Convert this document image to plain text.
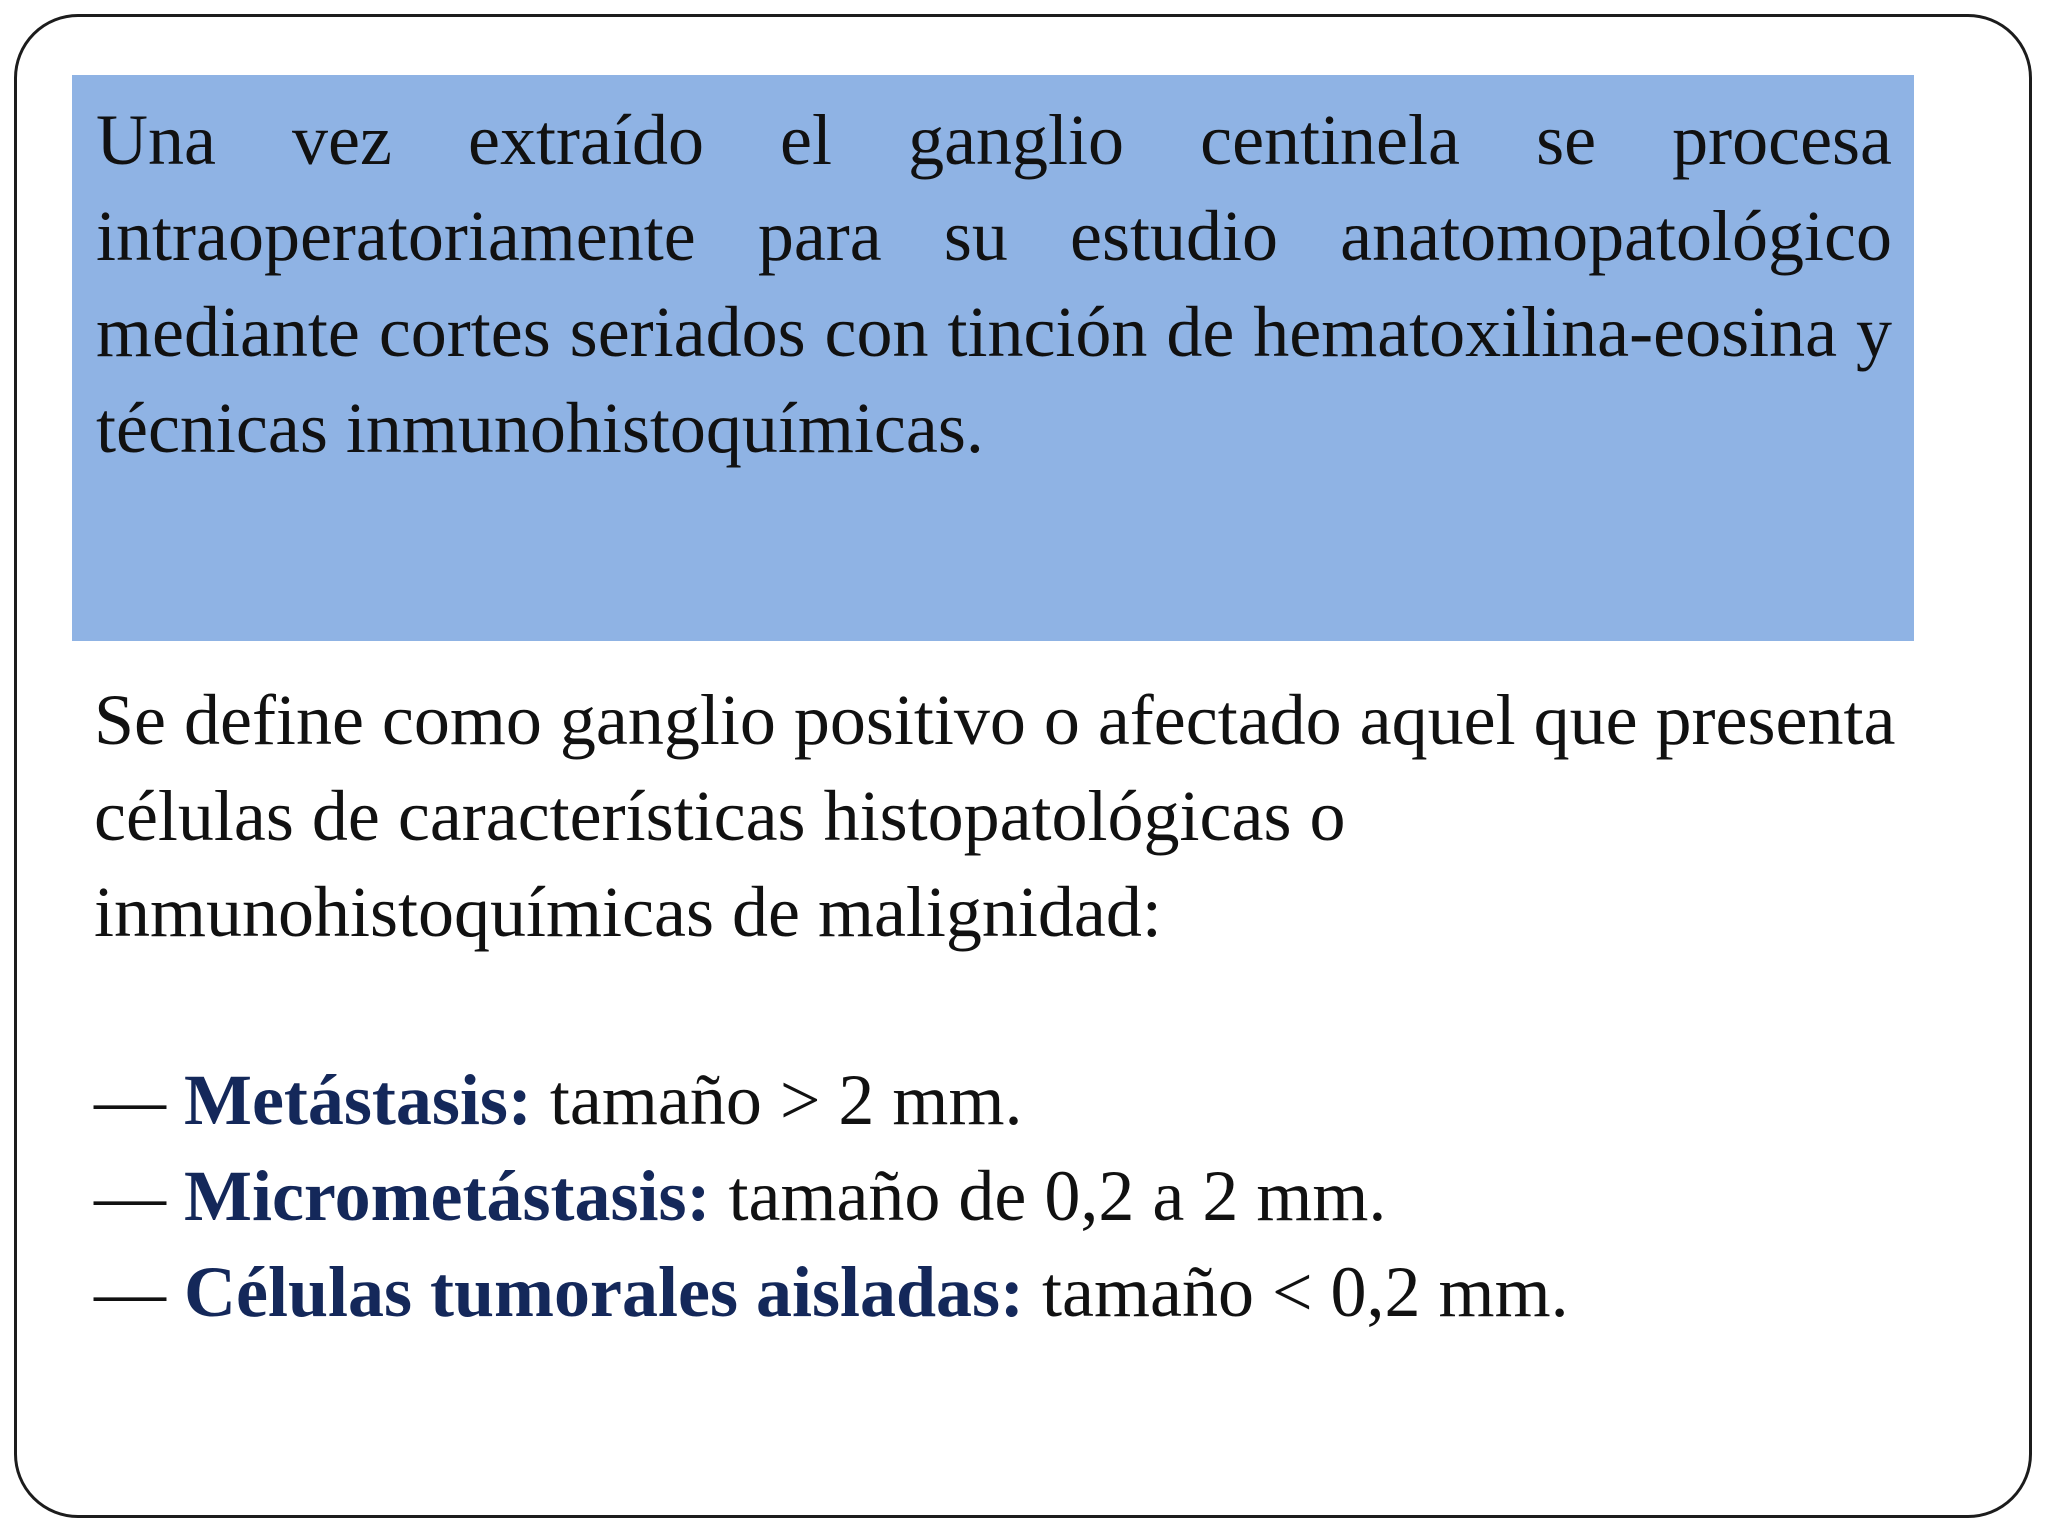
Una vez extraído el ganglio centinela se procesa intraoperatoriamente para su estudio anatomopatológico mediante cortes seriados con tinción de hematoxilina-eosina y técnicas inmunohistoquímicas.

Se define como ganglio positivo o afectado aquel que presenta células de características histopatológicas o inmunohistoquímicas de malignidad:

— Metástasis: tamaño > 2 mm.
— Micrometástasis: tamaño de 0,2 a 2 mm.
— Células tumorales aisladas: tamaño < 0,2 mm.
